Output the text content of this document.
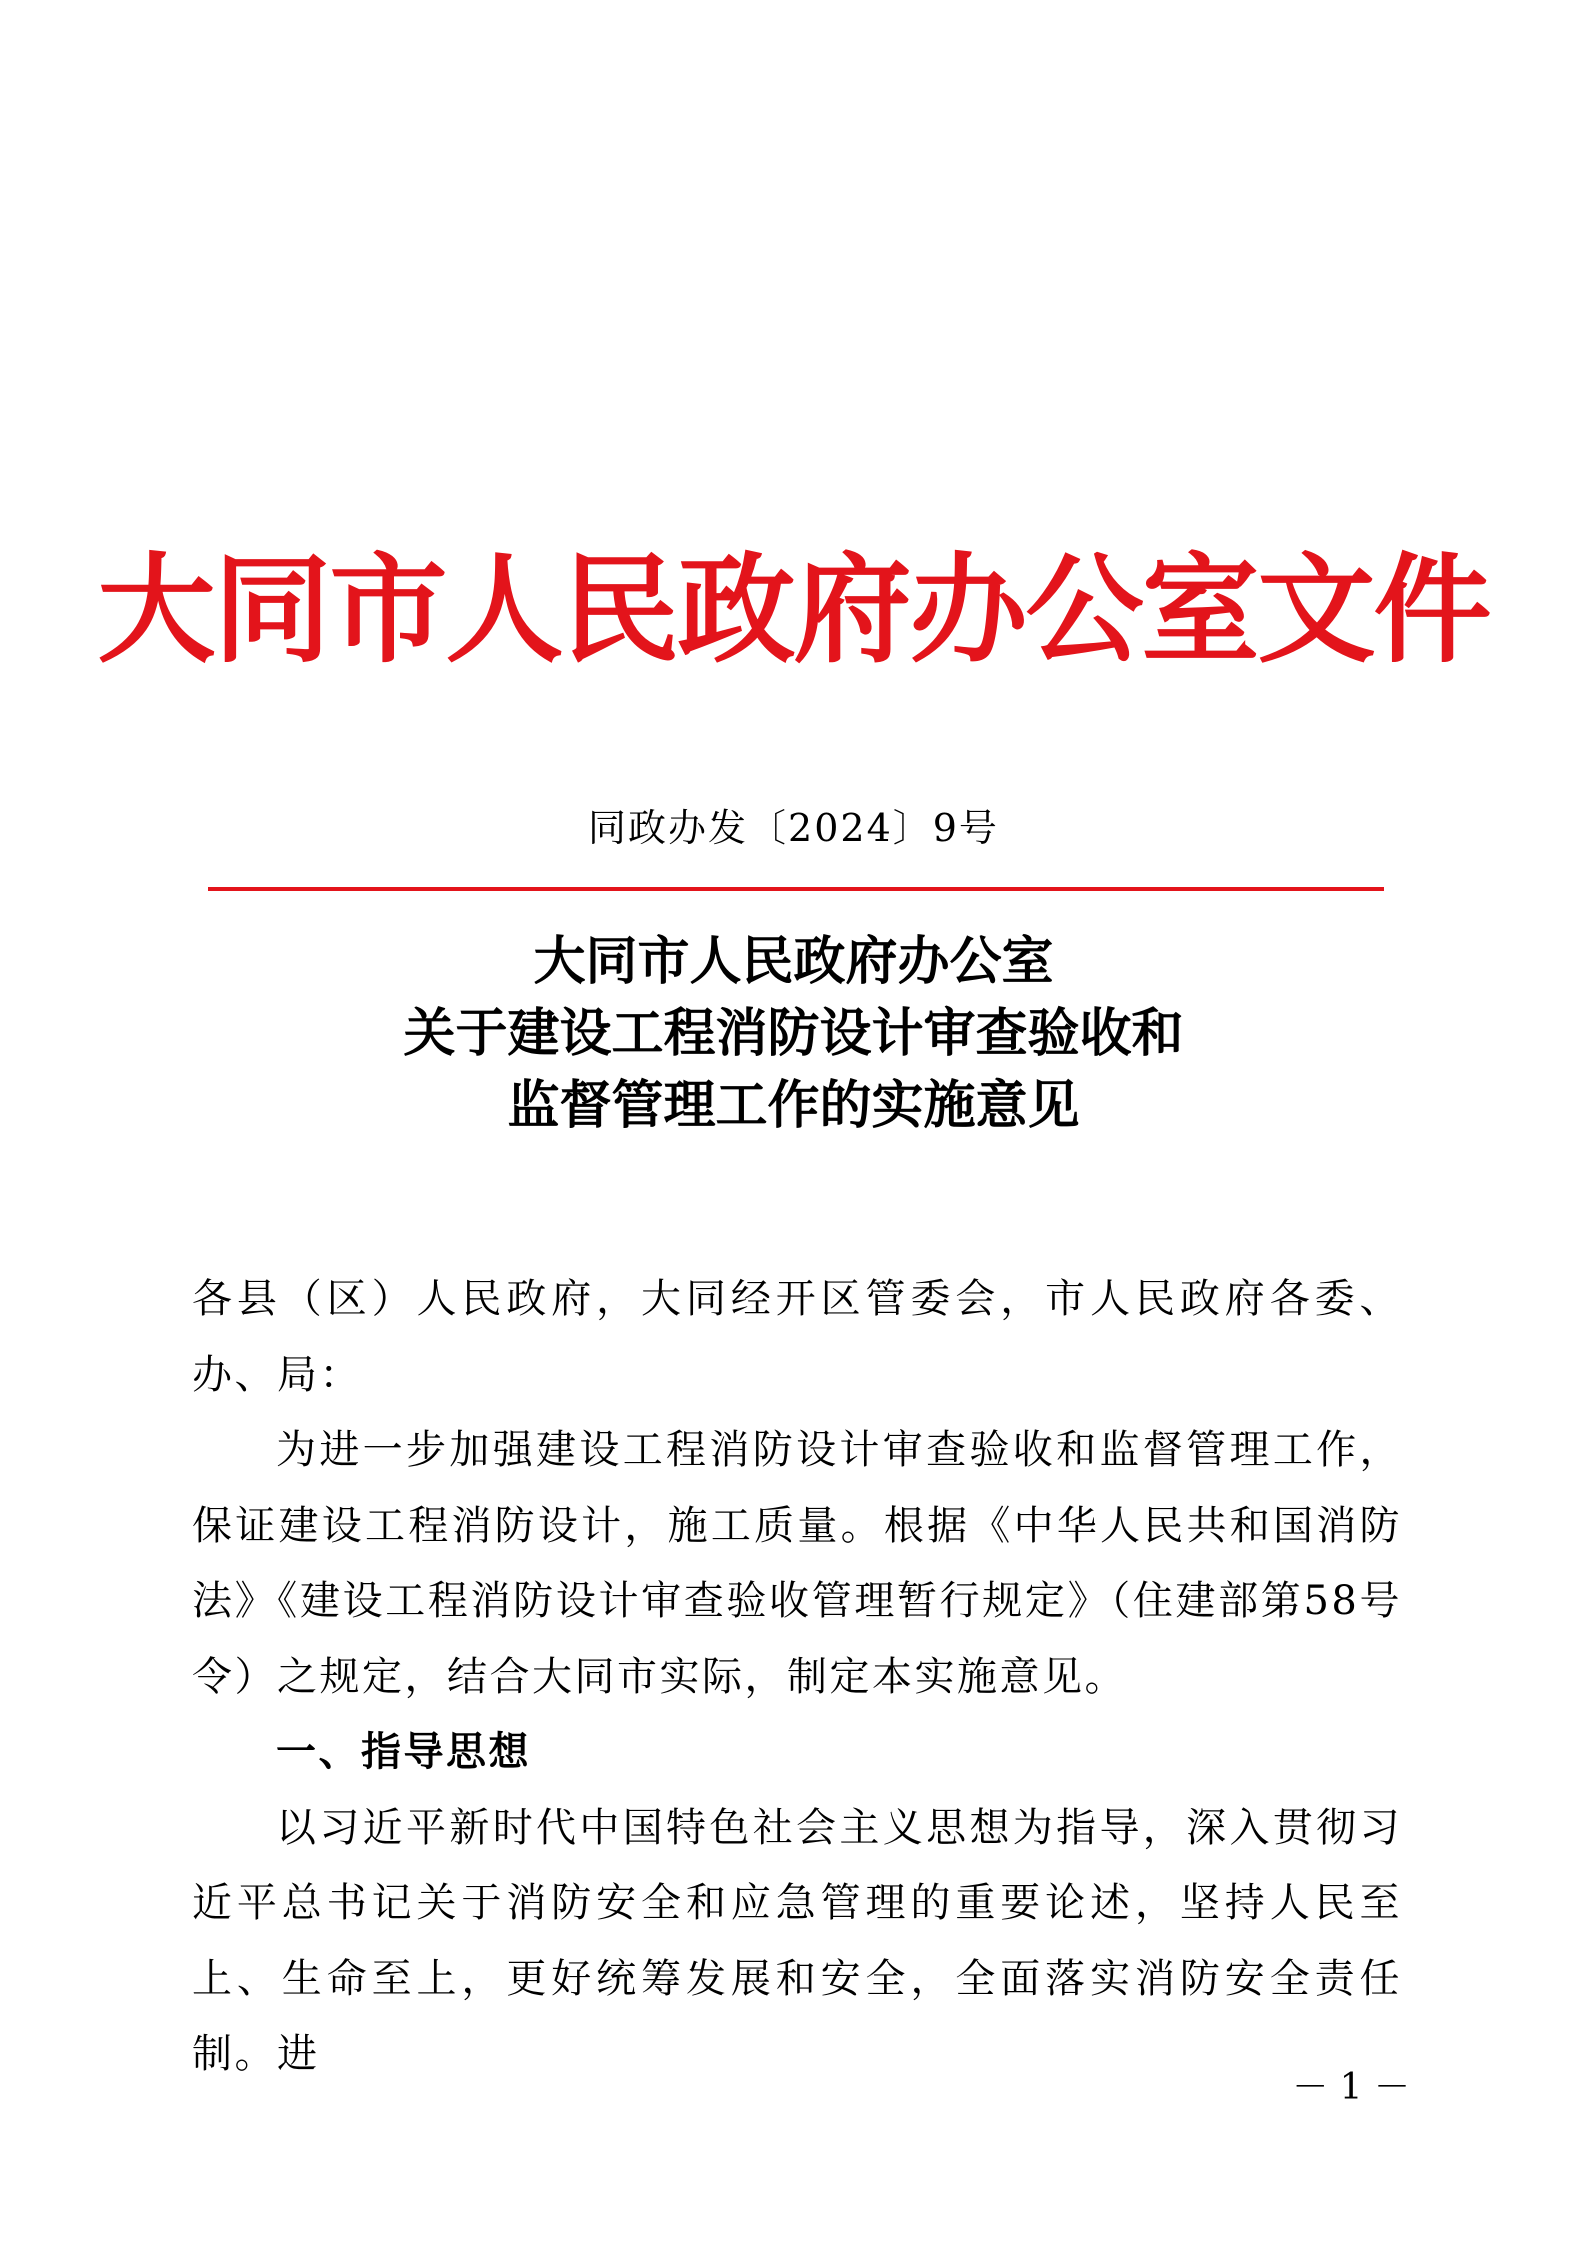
大同市人民政府办公室文件
同政办发〔2024〕9号
大同市人民政府办公室
关于建设工程消防设计审查验收和
监督管理工作的实施意见

各县（区）人民政府，大同经开区管委会，市人民政府各委、办、局：

为进一步加强建设工程消防设计审查验收和监督管理工作，保证建设工程消防设计，施工质量。根据《中华人民共和国消防法》《建设工程消防设计审查验收管理暂行规定》（住建部第58号令）之规定，结合大同市实际，制定本实施意见。

一、指导思想

以习近平新时代中国特色社会主义思想为指导，深入贯彻习近平总书记关于消防安全和应急管理的重要论述，坚持人民至上、生命至上，更好统筹发展和安全，全面落实消防安全责任制。进

－ 1 －
